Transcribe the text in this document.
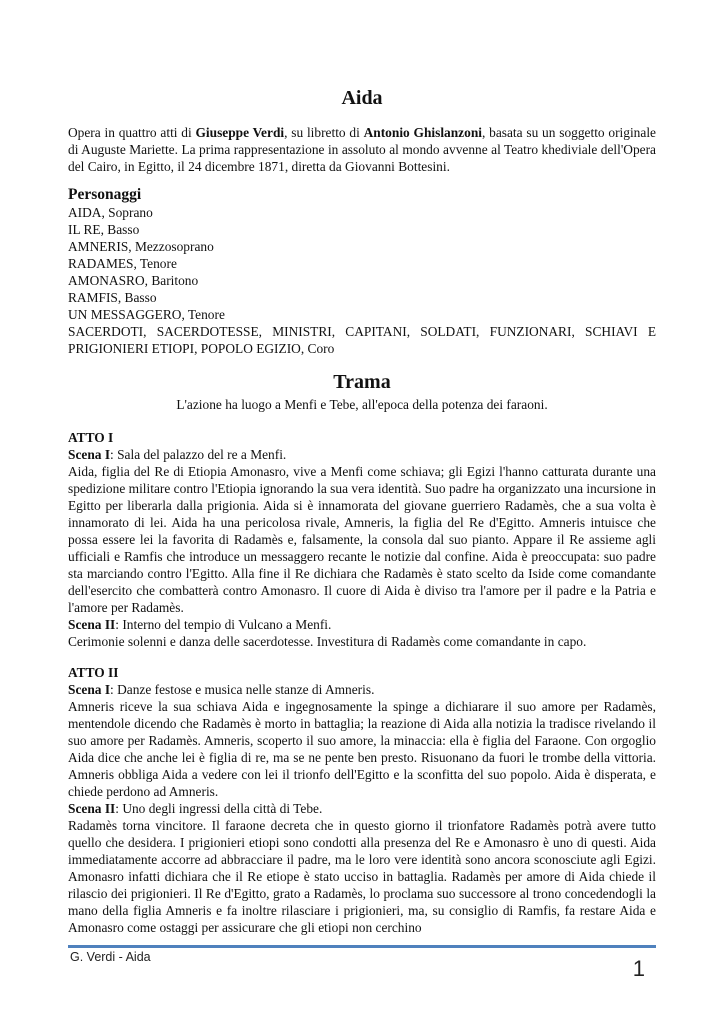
Aida

Opera in quattro atti di Giuseppe Verdi, su libretto di Antonio Ghislanzoni, basata su un soggetto originale di Auguste Mariette. La prima rappresentazione in assoluto al mondo avvenne al Teatro khediviale dell'Opera del Cairo, in Egitto, il 24 dicembre 1871, diretta da Giovanni Bottesini.

Personaggi
AIDA, Soprano
IL RE, Basso
AMNERIS, Mezzosoprano
RADAMES, Tenore
AMONASRO, Baritono
RAMFIS, Basso
UN MESSAGGERO, Tenore
SACERDOTI, SACERDOTESSE, MINISTRI, CAPITANI, SOLDATI, FUNZIONARI, SCHIAVI E PRIGIONIERI ETIOPI, POPOLO EGIZIO, Coro
Trama

L'azione ha luogo a Menfi e Tebe, all'epoca della potenza dei faraoni.

ATTO I

Scena I: Sala del palazzo del re a Menfi.

Aida, figlia del Re di Etiopia Amonasro, vive a Menfi come schiava; gli Egizi l'hanno catturata durante una spedizione militare contro l'Etiopia ignorando la sua vera identità. Suo padre ha organizzato una incursione in Egitto per liberarla dalla prigionia. Aida si è innamorata del giovane guerriero Radamès, che a sua volta è innamorato di lei. Aida ha una pericolosa rivale, Amneris, la figlia del Re d'Egitto. Amneris intuisce che possa essere lei la favorita di Radamès e, falsamente, la consola dal suo pianto. Appare il Re assieme agli ufficiali e Ramfis che introduce un messaggero recante le notizie dal confine. Aida è preoccupata: suo padre sta marciando contro l'Egitto. Alla fine il Re dichiara che Radamès è stato scelto da Iside come comandante dell'esercito che combatterà contro Amonasro. Il cuore di Aida è diviso tra l'amore per il padre e la Patria e l'amore per Radamès.

Scena II: Interno del tempio di Vulcano a Menfi.

Cerimonie solenni e danza delle sacerdotesse. Investitura di Radamès come comandante in capo.

ATTO II

Scena I: Danze festose e musica nelle stanze di Amneris.

Amneris riceve la sua schiava Aida e ingegnosamente la spinge a dichiarare il suo amore per Radamès, mentendole dicendo che Radamès è morto in battaglia; la reazione di Aida alla notizia la tradisce rivelando il suo amore per Radamès. Amneris, scoperto il suo amore, la minaccia: ella è figlia del Faraone. Con orgoglio Aida dice che anche lei è figlia di re, ma se ne pente ben presto. Risuonano da fuori le trombe della vittoria. Amneris obbliga Aida a vedere con lei il trionfo dell'Egitto e la sconfitta del suo popolo. Aida è disperata, e chiede perdono ad Amneris.

Scena II: Uno degli ingressi della città di Tebe.

Radamès torna vincitore. Il faraone decreta che in questo giorno il trionfatore Radamès potrà avere tutto quello che desidera. I prigionieri etiopi sono condotti alla presenza del Re e Amonasro è uno di questi. Aida immediatamente accorre ad abbracciare il padre, ma le loro vere identità sono ancora sconosciute agli Egizi. Amonasro infatti dichiara che il Re etiope è stato ucciso in battaglia. Radamès per amore di Aida chiede il rilascio dei prigionieri. Il Re d'Egitto, grato a Radamès, lo proclama suo successore al trono concedendogli la mano della figlia Amneris e fa inoltre rilasciare i prigionieri, ma, su consiglio di Ramfis, fa restare Aida e Amonasro come ostaggi per assicurare che gli etiopi non cerchino

G. Verdi - Aida	1
